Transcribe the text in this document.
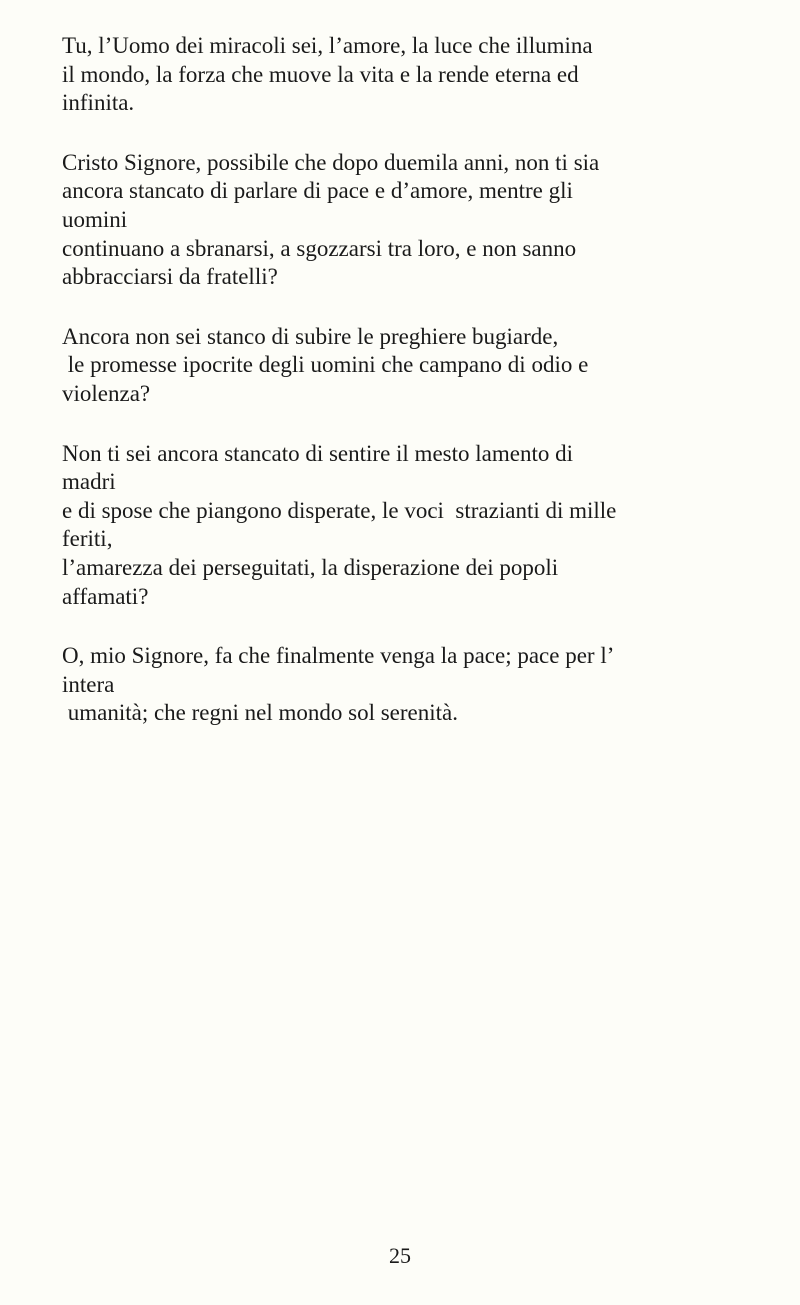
Tu, l’Uomo dei miracoli sei, l’amore, la luce che illumina
il mondo, la forza che muove la vita e la rende eterna ed
infinita.

Cristo Signore, possibile che dopo duemila anni, non ti sia
ancora stancato di parlare di pace e d’amore, mentre gli
uomini
continuano a sbranarsi, a sgozzarsi tra loro, e non sanno
abbracciarsi da fratelli?

Ancora non sei stanco di subire le preghiere bugiarde,
le promesse ipocrite degli uomini che campano di odio e
violenza?

Non ti sei ancora stancato di sentire il mesto lamento di
madri
e di spose che piangono disperate, le voci  strazianti di mille
feriti,
l’amarezza dei perseguitati, la disperazione dei popoli
affamati?

O, mio Signore, fa che finalmente venga la pace; pace per l’
intera
umanità; che regni nel mondo sol serenità.

25
